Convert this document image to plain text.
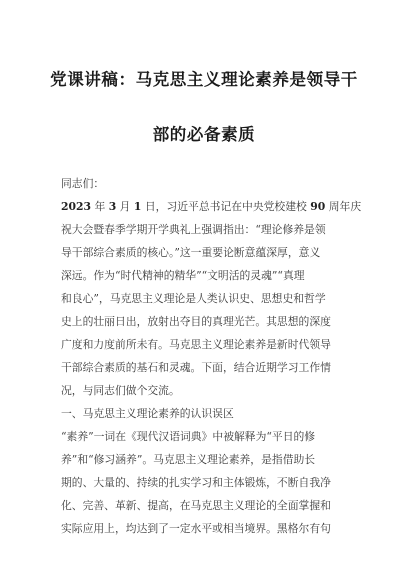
党课讲稿：马克思主义理论素养是领导干
部的必备素质

同志们：

2023 年 3 月 1 日，习近平总书记在中央党校建校 90 周年庆

祝大会暨春季学期开学典礼上强调指出：“理论修养是领

导干部综合素质的核心。”这一重要论断意蕴深厚，意义

深远。作为“时代精神的精华”“文明活的灵魂”“真理

和良心”，马克思主义理论是人类认识史、思想史和哲学

史上的壮丽日出，放射出夺目的真理光芒。其思想的深度

广度和力度前所未有。马克思主义理论素养是新时代领导

干部综合素质的基石和灵魂。下面，结合近期学习工作情

况，与同志们做个交流。

一、马克思主义理论素养的认识误区

“素养”一词在《现代汉语词典》中被解释为“平日的修

养”和“修习涵养”。马克思主义理论素养，是指借助长

期的、大量的、持续的扎实学习和主体锻炼，不断自我净

化、完善、革新、提高，在马克思主义理论的全面掌握和

实际应用上，均达到了一定水平或相当境界。黑格尔有句
